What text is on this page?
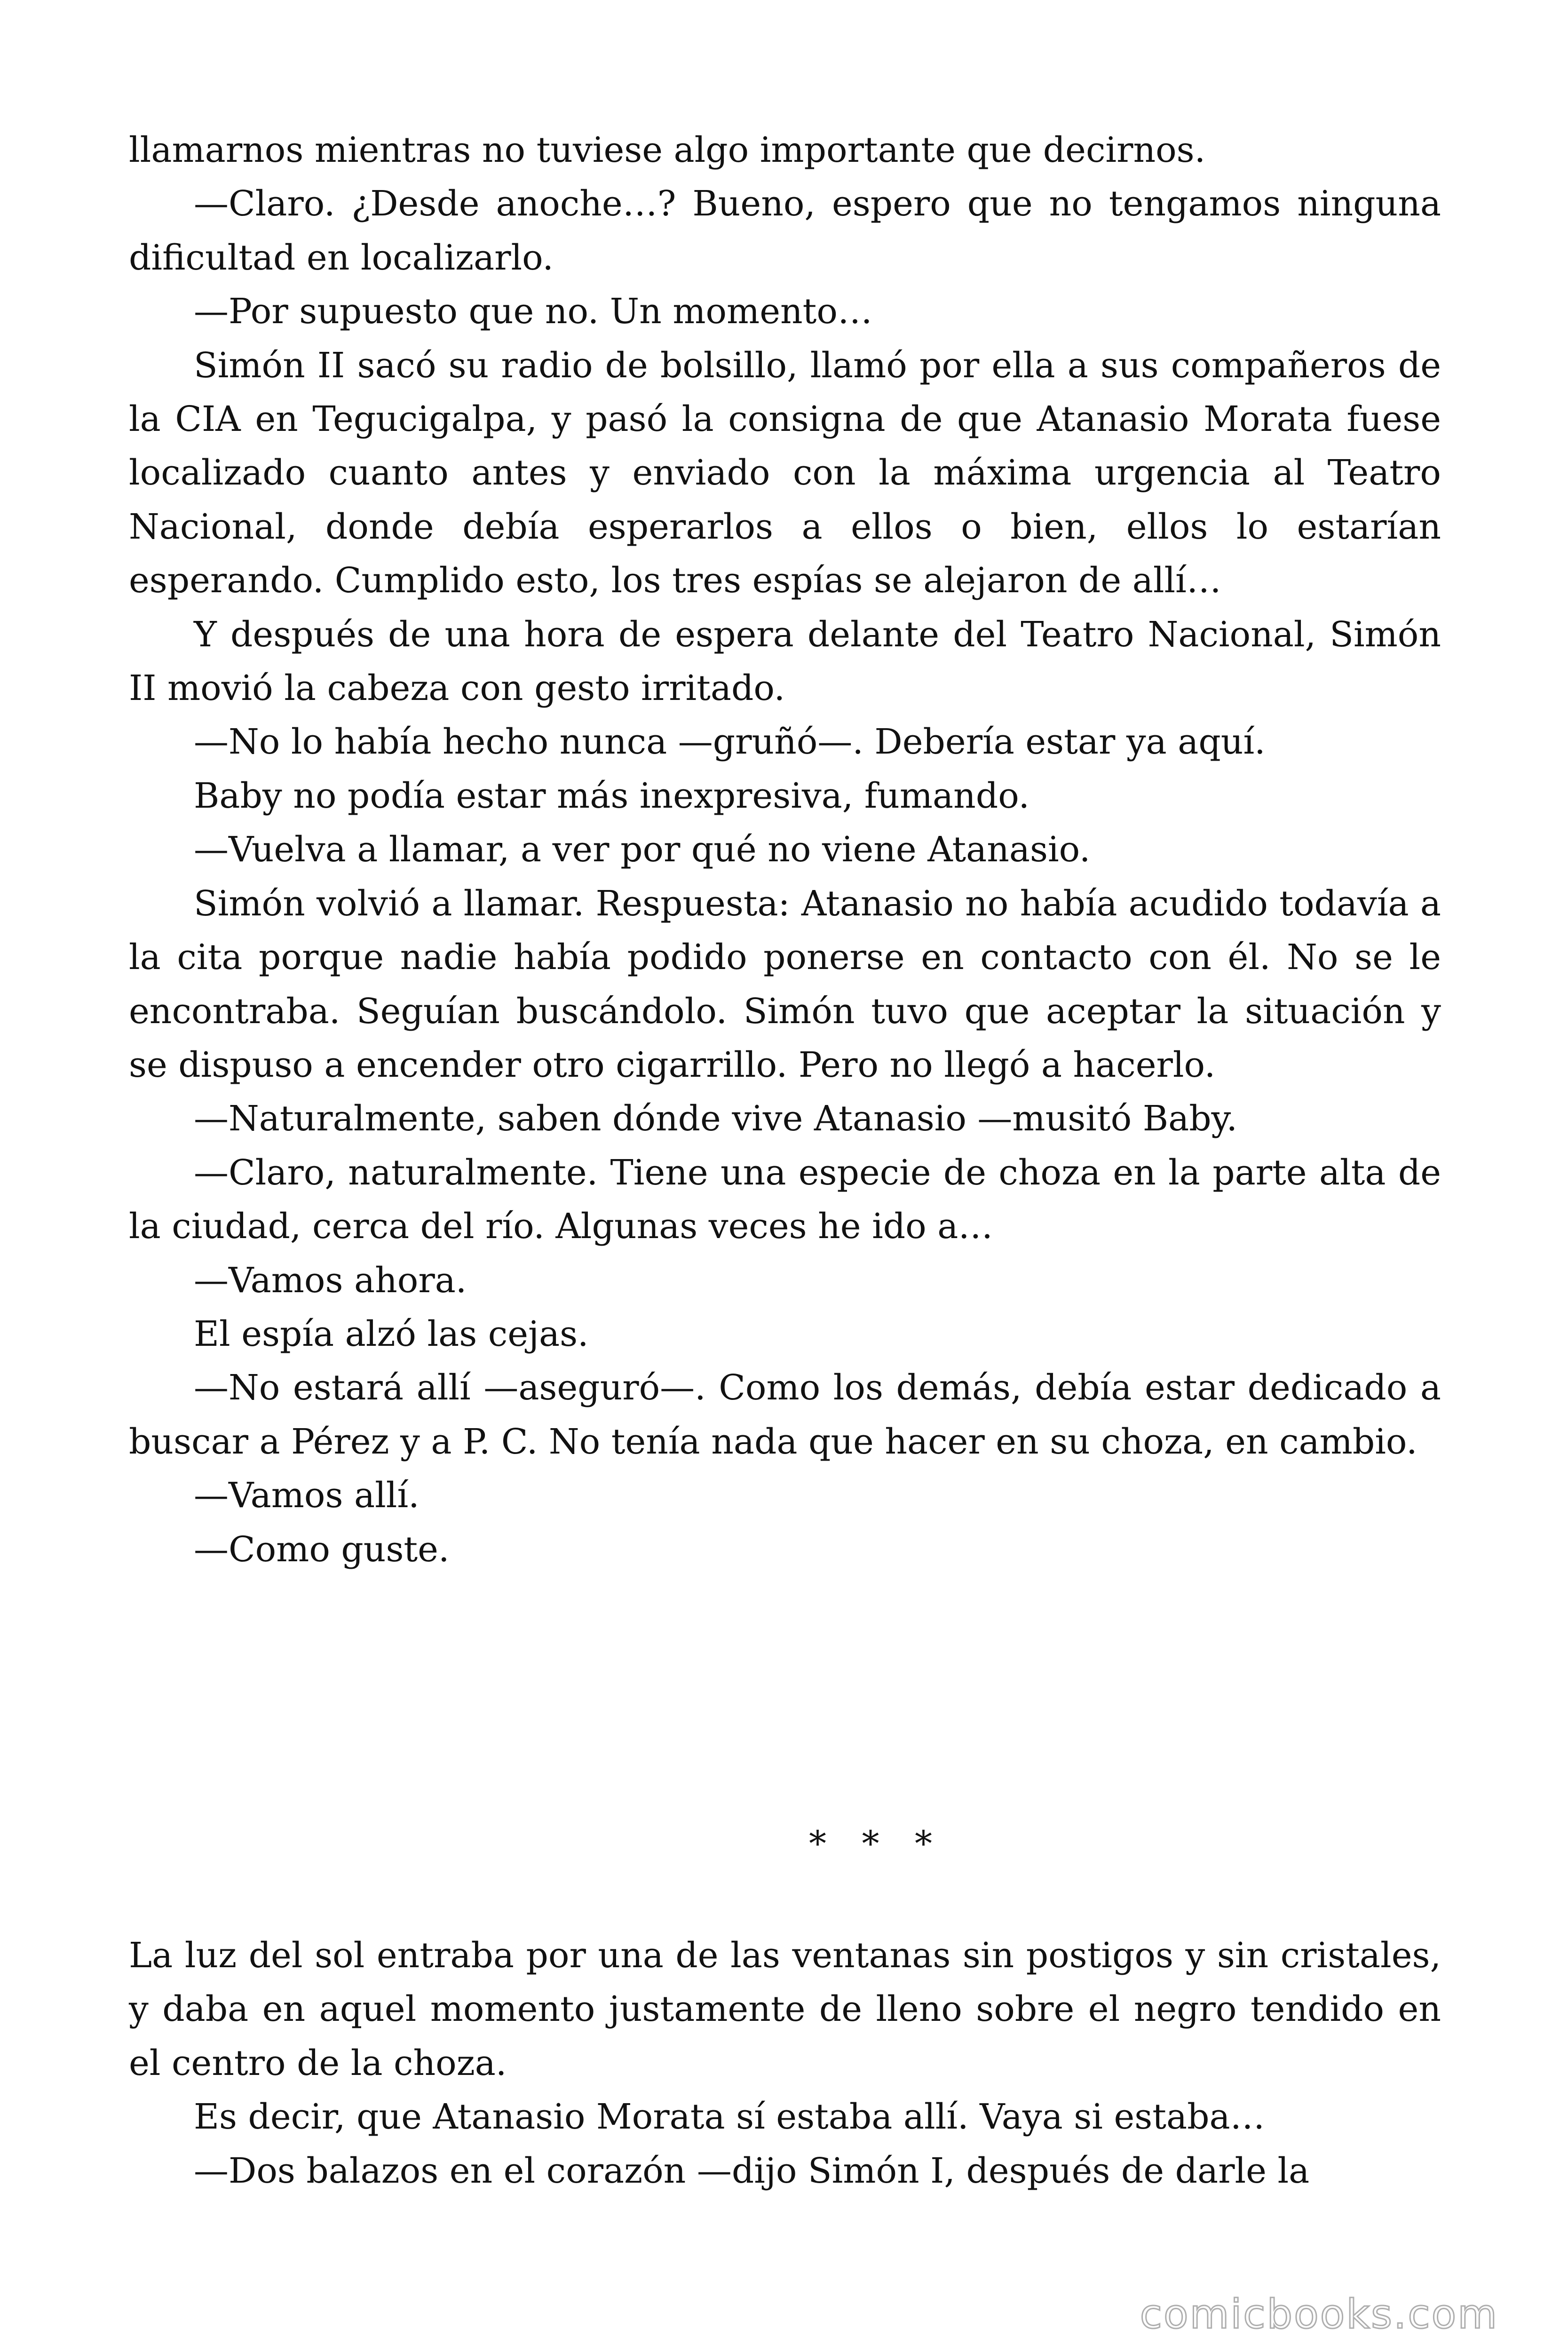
llamarnos mientras no tuviese algo importante que decirnos.

—Claro. ¿Desde anoche…? Bueno, espero que no tengamos ninguna dificultad en localizarlo.

—Por supuesto que no. Un momento…

Simón II sacó su radio de bolsillo, llamó por ella a sus compañeros de la CIA en Tegucigalpa, y pasó la consigna de que Atanasio Morata fuese localizado cuanto antes y enviado con la máxima urgencia al Teatro Nacional, donde debía esperarlos a ellos o bien, ellos lo estarían esperando. Cumplido esto, los tres espías se alejaron de allí…

Y después de una hora de espera delante del Teatro Nacional, Simón II movió la cabeza con gesto irritado.

—No lo había hecho nunca —gruñó—. Debería estar ya aquí.

Baby no podía estar más inexpresiva, fumando.

—Vuelva a llamar, a ver por qué no viene Atanasio.

Simón volvió a llamar. Respuesta: Atanasio no había acudido todavía a la cita porque nadie había podido ponerse en contacto con él. No se le encontraba. Seguían buscándolo. Simón tuvo que aceptar la situación y se dispuso a encender otro cigarrillo. Pero no llegó a hacerlo.

—Naturalmente, saben dónde vive Atanasio —musitó Baby.

—Claro, naturalmente. Tiene una especie de choza en la parte alta de la ciudad, cerca del río. Algunas veces he ido a…

—Vamos ahora.

El espía alzó las cejas.

—No estará allí —aseguró—. Como los demás, debía estar dedicado a buscar a Pérez y a P. C. No tenía nada que hacer en su choza, en cambio.

—Vamos allí.

—Como guste.

* * *

La luz del sol entraba por una de las ventanas sin postigos y sin cristales, y daba en aquel momento justamente de lleno sobre el negro tendido en el centro de la choza.

Es decir, que Atanasio Morata sí estaba allí. Vaya si estaba…

—Dos balazos en el corazón —dijo Simón I, después de darle la

comicbooks.com
